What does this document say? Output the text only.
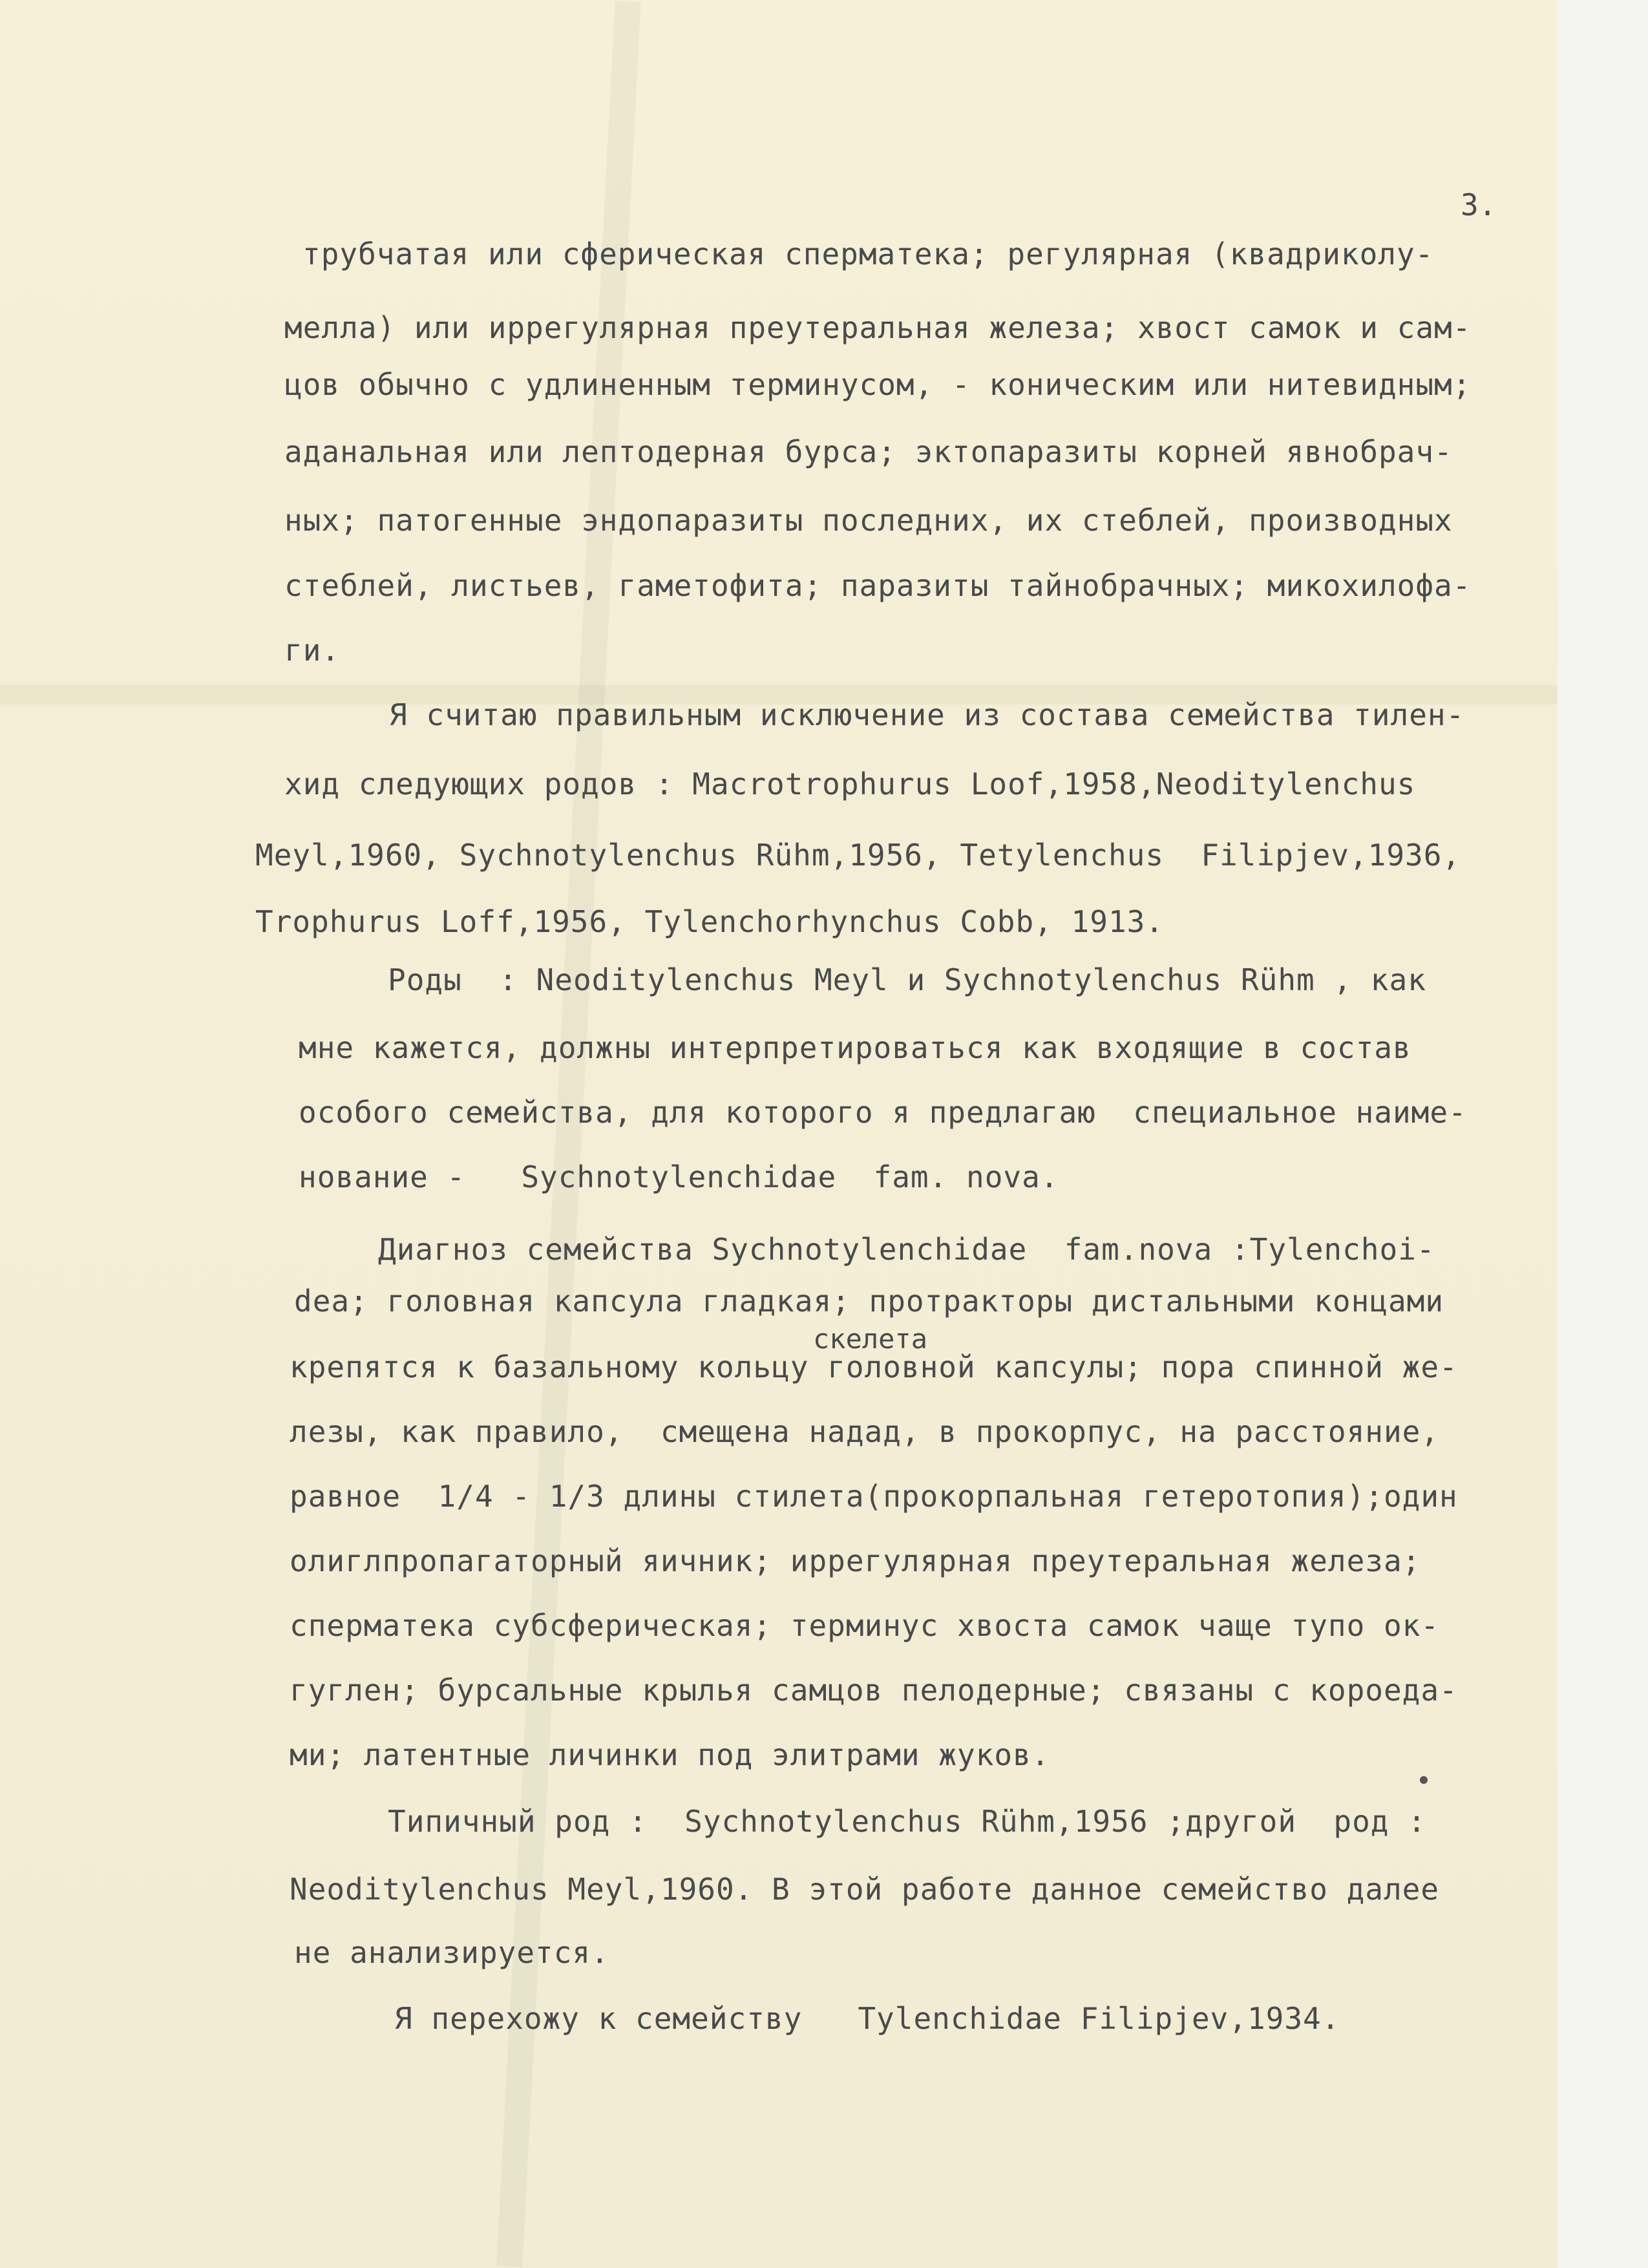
3.
трубчатая или сферическая сперматека; регулярная (квадриколу-
мелла) или иррегулярная преутеральная железа; хвост самок и сам-
цов обычно с удлиненным терминусом, - коническим или нитевидным;
аданальная или лептодерная бурса; эктопаразиты корней явнобрач-
ных; патогенные эндопаразиты последних, их стеблей, производных
стеблей, листьев, гаметофита; паразиты тайнобрачных; микохилофа-
ги.
Я считаю правильным исключение из состава семейства тилен-
хид следующих родов : Macrotrophurus Loof,1958,Neoditylenchus
Meyl,1960, Sychnotylenchus Rühm,1956, Tetylenchus  Filipjev,1936,
Trophurus Loff,1956, Tylenchorhynchus Cobb, 1913.
Роды  : Neoditylenchus Meyl и Sychnotylenchus Rühm , как
мне кажется, должны интерпретироваться как входящие в состав
особого семейства, для которого я предлагаю  специальное наиме-
нование -   Sychnotylenchidae  fam. nova.
Диагноз семейства Sychnotylenchidae  fam.nova :Tylenchoi-
скелета
dea; головная капсула гладкая; протракторы дистальными концами
крепятся к базальному кольцу головной капсулы; пора спинной же-
лезы, как правило,  смещена надад, в прокорпус, на расстояние,
равное  1/4 - 1/3 длины стилета(прокорпальная гетеротопия);один
олиглпропагаторный яичник; иррегулярная преутеральная железа;
сперматека субсферическая; терминус хвоста самок чаще тупо ок-
гуглен; бурсальные крылья самцов пелодерные; связаны с короеда-
ми; латентные личинки под элитрами жуков.
Типичный род :  Sychnotylenchus Rühm,1956 ;другой  род :
Neoditylenchus Meyl,1960. В этой работе данное семейство далее
не анализируется.
Я перехожу к семейству   Tylenchidae Filipjev,1934.
